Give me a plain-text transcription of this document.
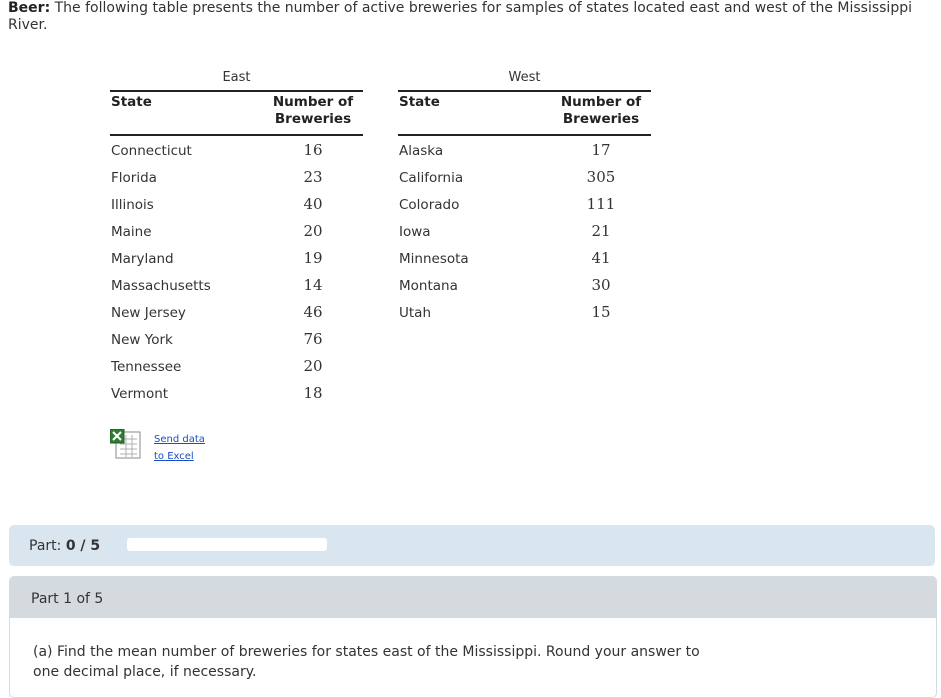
Beer: The following table presents the number of active breweries for samples of states located east and west of the Mississippi River.
East
State	Number of
Breweries
Connecticut	16
Florida	23
Illinois	40
Maine	20
Maryland	19
Massachusetts	14
New Jersey	46
New York	76
Tennessee	20
Vermont	18
West
State	Number of
Breweries
Alaska	17
California	305
Colorado	111
Iowa	21
Minnesota	41
Montana	30
Utah	15
Send data
to Excel
Part: 0 / 5
Part 1 of 5
(a) Find the mean number of breweries for states east of the Mississippi. Round your answer to one decimal place, if necessary.
